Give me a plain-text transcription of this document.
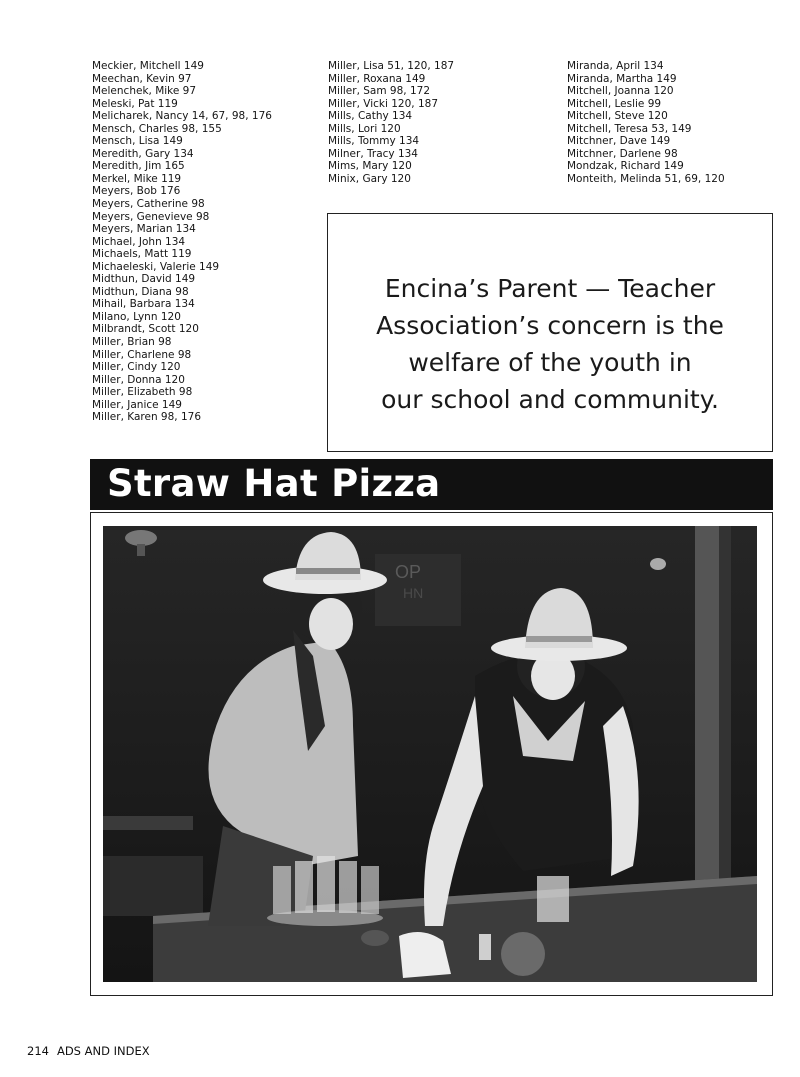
Meckier, Mitchell 149
Meechan, Kevin 97
Melenchek, Mike 97
Meleski, Pat 119
Melicharek, Nancy 14, 67, 98, 176
Mensch, Charles 98, 155
Mensch, Lisa 149
Meredith, Gary 134
Meredith, Jim 165
Merkel, Mike 119
Meyers, Bob 176
Meyers, Catherine 98
Meyers, Genevieve 98
Meyers, Marian 134
Michael, John 134
Michaels, Matt 119
Michaeleski, Valerie 149
Midthun, David 149
Midthun, Diana 98
Mihail, Barbara 134
Milano, Lynn 120
Milbrandt, Scott 120
Miller, Brian 98
Miller, Charlene 98
Miller, Cindy 120
Miller, Donna 120
Miller, Elizabeth 98
Miller, Janice 149
Miller, Karen 98, 176
Miller, Lisa 51, 120, 187
Miller, Roxana 149
Miller, Sam 98, 172
Miller, Vicki 120, 187
Mills, Cathy 134
Mills, Lori 120
Mills, Tommy 134
Milner, Tracy 134
Mims, Mary 120
Minix, Gary 120
Miranda, April 134
Miranda, Martha 149
Mitchell, Joanna 120
Mitchell, Leslie 99
Mitchell, Steve 120
Mitchell, Teresa 53, 149
Mitchner, Dave 149
Mitchner, Darlene 98
Mondzak, Richard 149
Monteith, Melinda 51, 69, 120
Encina’s Parent — Teacher
Association’s concern is the
welfare of the youth in
our school and community.
Straw Hat Pizza
OP
HN
214 ADS AND INDEX
